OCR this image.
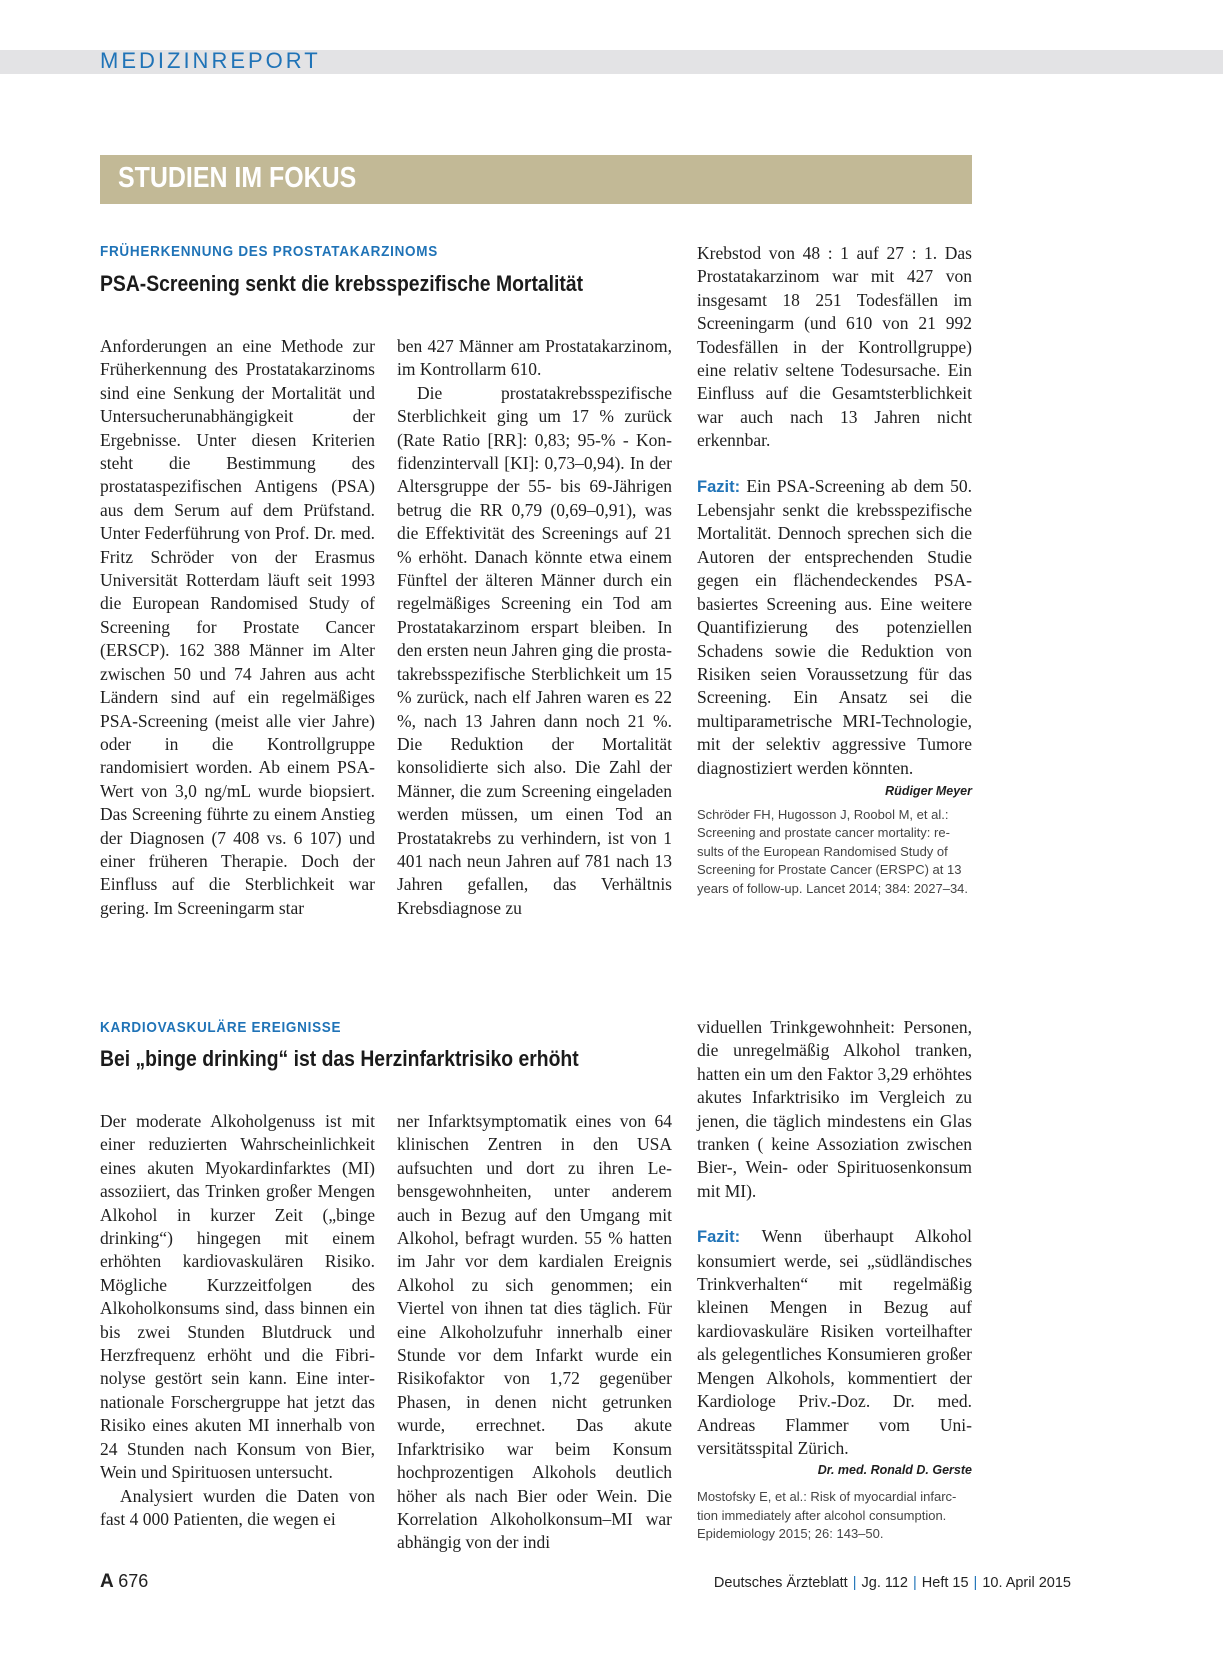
MEDIZINREPORT
STUDIEN IM FOKUS
FRÜHERKENNUNG DES PROSTATAKARZINOMS
PSA-Screening senkt die krebsspezifische Mortalität

Anforderungen an eine Methode zur Früherkennung des Prostatakarzinoms sind eine Senkung der Mortalität und Untersucherunabhängigkeit der Ergebnisse. Unter diesen Kriterien steht die Bestimmung des prostataspezifischen Antigens (PSA) aus dem Serum auf dem Prüfstand. Unter Federführung von Prof. Dr. med. Fritz Schröder von der Erasmus Universität Rotterdam läuft seit 1993 die European Randomised Study of Screening for Prostate Cancer (ERSCP). 162 388 Männer im Alter zwischen 50 und 74 Jahren aus acht Ländern sind auf ein regelmäßiges PSA-Screening (meist alle vier Jahre) oder in die Kontrollgruppe randomisiert worden. Ab einem PSA-Wert von 3,0 ng/mL wurde biopsiert. Das Screening führte zu einem Anstieg der Diagnosen (7 408 vs. 6 107) und einer früheren Therapie. Doch der Einfluss auf die Sterblichkeit war gering. Im Screeningarm star

ben 427 Männer am Prostatakarzinom, im Kontrollarm 610.

Die prostatakrebsspezifische Sterblichkeit ging um 17 % zurück (Rate Ratio [RR]: 0,83; 95-% - Konfidenzintervall [KI]: 0,73–0,94). In der Altersgruppe der 55- bis 69-Jährigen betrug die RR 0,79 (0,69–0,91), was die Effektivität des Screenings auf 21 % erhöht. Danach könnte etwa einem Fünftel der älteren Männer durch ein regelmäßiges Screening ein Tod am Prostatakarzinom erspart bleiben. In den ersten neun Jahren ging die prostatakrebsspezifische Sterblichkeit um 15 % zurück, nach elf Jahren waren es 22 %, nach 13 Jahren dann noch 21 %. Die Reduktion der Mortalität konsolidierte sich also. Die Zahl der Männer, die zum Screening eingeladen werden müssen, um einen Tod an Prostatakrebs zu verhindern, ist von 1 401 nach neun Jahren auf 781 nach 13 Jahren gefallen, das Verhältnis Krebsdiagnose zu

Krebstod von 48 : 1 auf 27 : 1. Das Prostatakarzinom war mit 427 von insgesamt 18 251 Todesfällen im Screeningarm (und 610 von 21 992 Todesfällen in der Kontrollgruppe) eine relativ seltene Todesursache. Ein Einfluss auf die Gesamtsterblichkeit war auch nach 13 Jahren nicht erkennbar.

Fazit: Ein PSA-Screening ab dem 50. Lebensjahr senkt die krebsspezifische Mortalität. Dennoch sprechen sich die Autoren der entsprechenden Studie gegen ein flächendeckendes PSA-basiertes Screening aus. Eine weitere Quantifizierung des potenziellen Schadens sowie die Reduktion von Risiken seien Voraussetzung für das Screening. Ein Ansatz sei die multiparametrische MRI-Technologie, mit der selektiv aggressive Tumore diagnostiziert werden könnten.
Rüdiger Meyer

Schröder FH, Hugosson J, Roobol M, et al.: Screening and prostate cancer mortality: results of the European Randomised Study of Screening for Prostate Cancer (ERSPC) at 13 years of follow-up. Lancet 2014; 384: 2027–34.

KARDIOVASKULÄRE EREIGNISSE
Bei „binge drinking“ ist das Herzinfarktrisiko erhöht

Der moderate Alkoholgenuss ist mit einer reduzierten Wahrscheinlichkeit eines akuten Myokardinfarktes (MI) assoziiert, das Trinken großer Mengen Alkohol in kurzer Zeit („binge drinking“) hingegen mit einem erhöhten kardiovaskulären Risiko. Mögliche Kurzzeitfolgen des Alkoholkonsums sind, dass binnen ein bis zwei Stunden Blutdruck und Herzfrequenz erhöht und die Fibrinolyse gestört sein kann. Eine internationale Forschergruppe hat jetzt das Risiko eines akuten MI innerhalb von 24 Stunden nach Konsum von Bier, Wein und Spirituosen untersucht.

Analysiert wurden die Daten von fast 4 000 Patienten, die wegen ei

ner Infarktsymptomatik eines von 64 klinischen Zentren in den USA aufsuchten und dort zu ihren Lebensgewohnheiten, unter anderem auch in Bezug auf den Umgang mit Alkohol, befragt wurden. 55 % hatten im Jahr vor dem kardialen Ereignis Alkohol zu sich genommen; ein Viertel von ihnen tat dies täglich. Für eine Alkoholzufuhr innerhalb einer Stunde vor dem Infarkt wurde ein Risikofaktor von 1,72 gegenüber Phasen, in denen nicht getrunken wurde, errechnet. Das akute Infarktrisiko war beim Konsum hochprozentigen Alkohols deutlich höher als nach Bier oder Wein. Die Korrelation Alkoholkonsum–MI war abhängig von der indi

viduellen Trinkgewohnheit: Personen, die unregelmäßig Alkohol tranken, hatten ein um den Faktor 3,29 erhöhtes akutes Infarktrisiko im Vergleich zu jenen, die täglich mindestens ein Glas tranken ( keine Assoziation zwischen Bier-, Wein- oder Spirituosenkonsum mit MI).

Fazit: Wenn überhaupt Alkohol konsumiert werde, sei „südländisches Trinkverhalten“ mit regelmäßig kleinen Mengen in Bezug auf kardiovaskuläre Risiken vorteilhafter als gelegentliches Konsumieren großer Mengen Alkohols, kommentiert der Kardiologe Priv.-Doz. Dr. med. Andreas Flammer vom Universitätsspital Zürich.

Dr. med. Ronald D. Gerste

Mostofsky E, et al.: Risk of myocardial infarction immediately after alcohol consumption. Epidemiology 2015; 26: 143–50.

A 676	Deutsches Ärzteblatt | Jg. 112 | Heft 15 | 10. April 2015
